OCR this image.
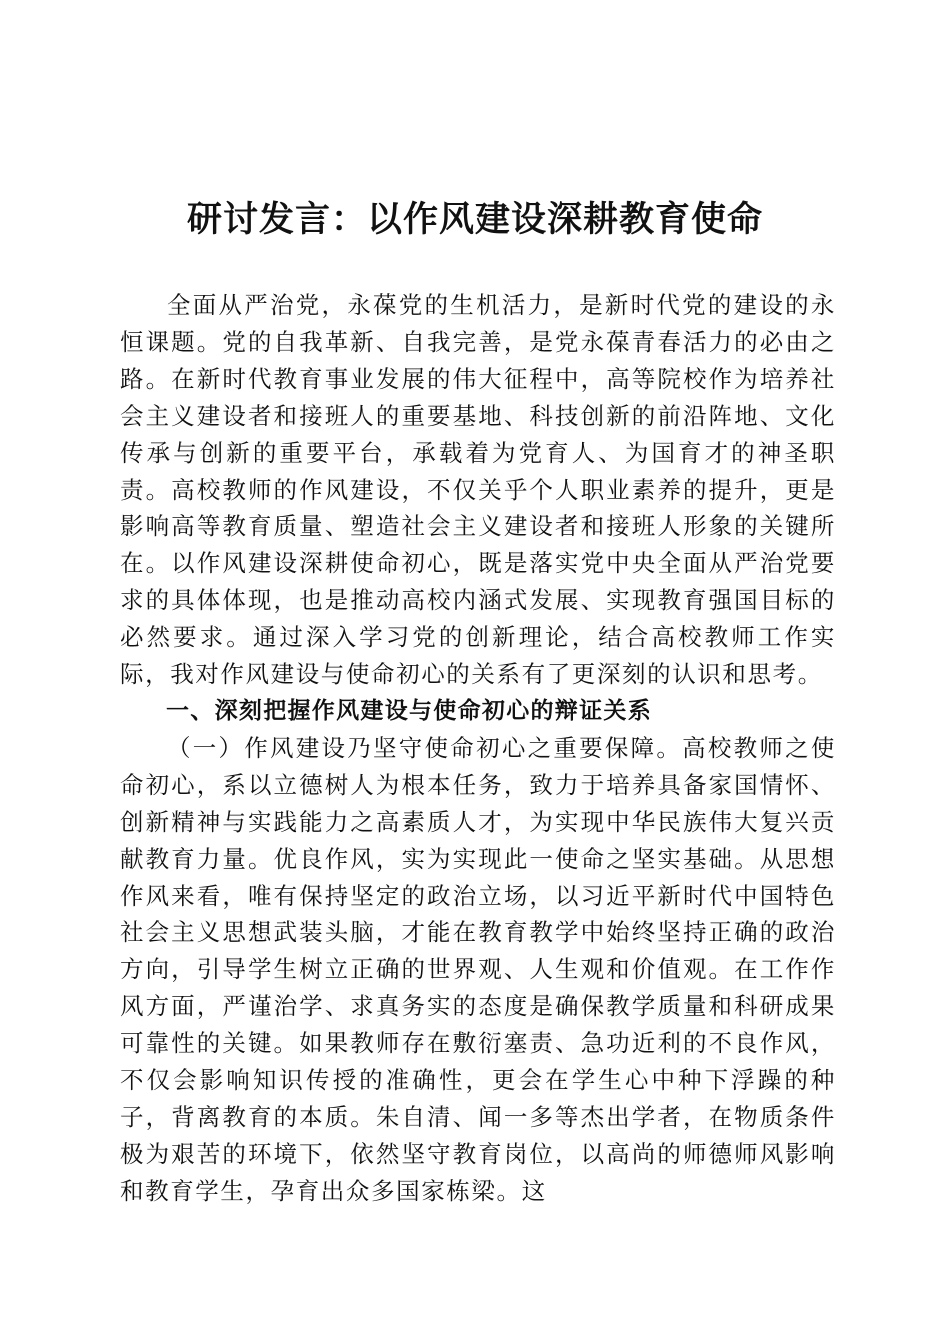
研讨发言：以作风建设深耕教育使命

全面从严治党，永葆党的生机活力，是新时代党的建设的永恒课题。党的自我革新、自我完善，是党永葆青春活力的必由之路。在新时代教育事业发展的伟大征程中，高等院校作为培养社会主义建设者和接班人的重要基地、科技创新的前沿阵地、文化传承与创新的重要平台，承载着为党育人、为国育才的神圣职责。高校教师的作风建设，不仅关乎个人职业素养的提升，更是影响高等教育质量、塑造社会主义建设者和接班人形象的关键所在。以作风建设深耕使命初心，既是落实党中央全面从严治党要求的具体体现，也是推动高校内涵式发展、实现教育强国目标的必然要求。通过深入学习党的创新理论，结合高校教师工作实际，我对作风建设与使命初心的关系有了更深刻的认识和思考。

一、深刻把握作风建设与使命初心的辩证关系

（一）作风建设乃坚守使命初心之重要保障。高校教师之使命初心，系以立德树人为根本任务，致力于培养具备家国情怀、创新精神与实践能力之高素质人才，为实现中华民族伟大复兴贡献教育力量。优良作风，实为实现此一使命之坚实基础。从思想作风来看，唯有保持坚定的政治立场，以习近平新时代中国特色社会主义思想武装头脑，才能在教育教学中始终坚持正确的政治方向，引导学生树立正确的世界观、人生观和价值观。在工作作风方面，严谨治学、求真务实的态度是确保教学质量和科研成果可靠性的关键。如果教师存在敷衍塞责、急功近利的不良作风，不仅会影响知识传授的准确性，更会在学生心中种下浮躁的种子，背离教育的本质。朱自清、闻一多等杰出学者，在物质条件极为艰苦的环境下，依然坚守教育岗位，以高尚的师德师风影响和教育学生，孕育出众多国家栋梁。这
